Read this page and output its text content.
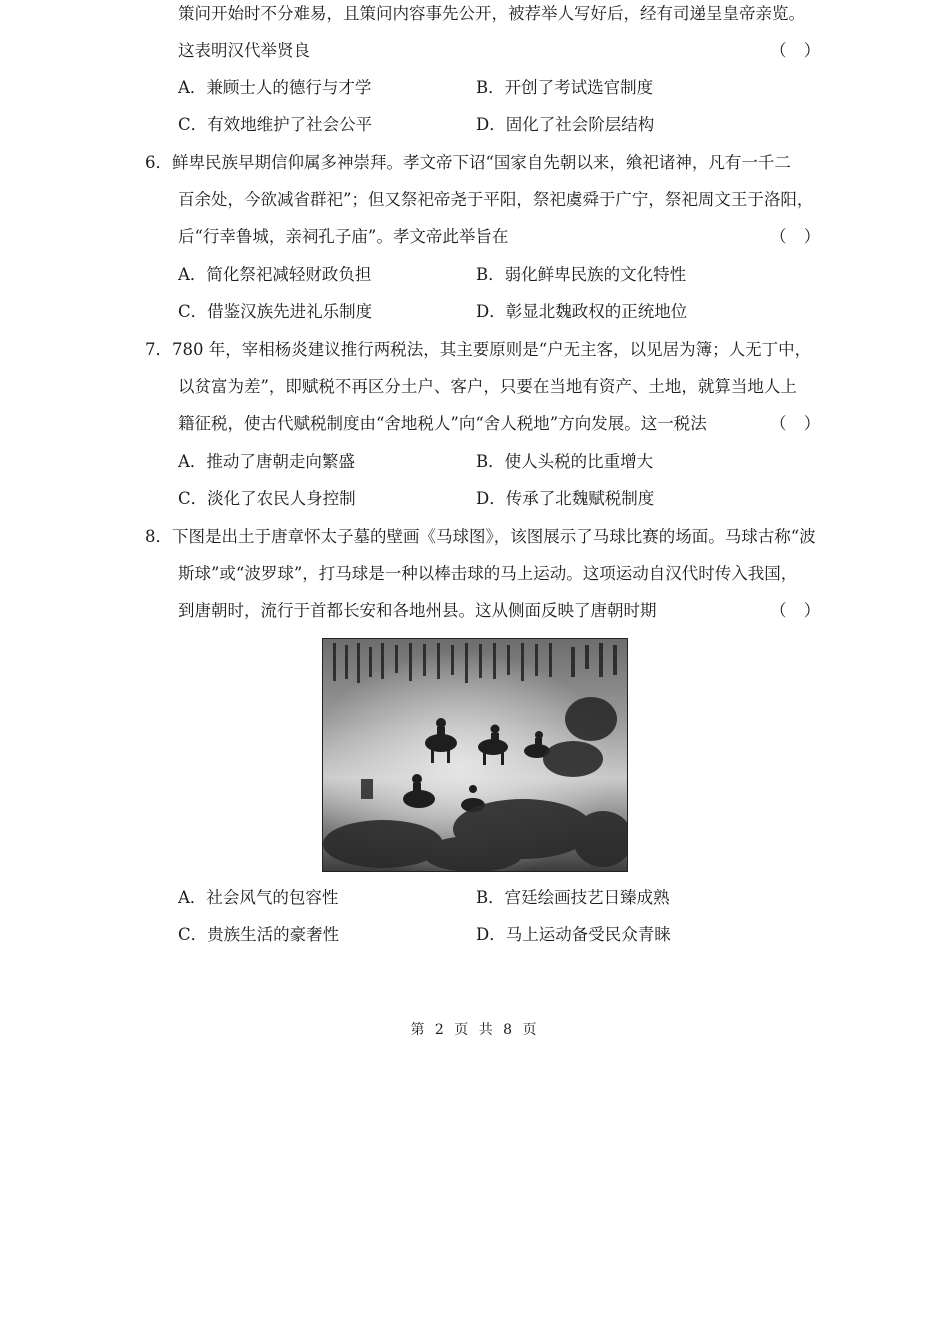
策问开始时不分难易，且策问内容事先公开，被荐举人写好后，经有司递呈皇帝亲览。
这表明汉代举贤良	（ ）
A．兼顾士人的德行与才学	B．开创了考试选官制度
C．有效地维护了社会公平	D．固化了社会阶层结构
6．鲜卑民族早期信仰属多神崇拜。孝文帝下诏“国家自先朝以来，飨祀诸神，凡有一千二
百余处，今欲减省群祀”；但又祭祀帝尧于平阳，祭祀虞舜于广宁，祭祀周文王于洛阳，
后“行幸鲁城，亲祠孔子庙”。孝文帝此举旨在	（ ）
A．简化祭祀减轻财政负担	B．弱化鲜卑民族的文化特性
C．借鉴汉族先进礼乐制度	D．彰显北魏政权的正统地位
7．780 年，宰相杨炎建议推行两税法，其主要原则是“户无主客，以见居为簿；人无丁中，
以贫富为差”，即赋税不再区分土户、客户，只要在当地有资产、土地，就算当地人上
籍征税，使古代赋税制度由“舍地税人”向“舍人税地”方向发展。这一税法	（ ）
A．推动了唐朝走向繁盛	B．使人头税的比重增大
C．淡化了农民人身控制	D．传承了北魏赋税制度
8．下图是出土于唐章怀太子墓的壁画《马球图》，该图展示了马球比赛的场面。马球古称“波
斯球”或“波罗球”，打马球是一种以棒击球的马上运动。这项运动自汉代时传入我国，
到唐朝时，流行于首都长安和各地州县。这从侧面反映了唐朝时期	（ ）
A．社会风气的包容性	B．宫廷绘画技艺日臻成熟
C．贵族生活的豪奢性	D．马上运动备受民众青睐
第 2 页 共 8 页
